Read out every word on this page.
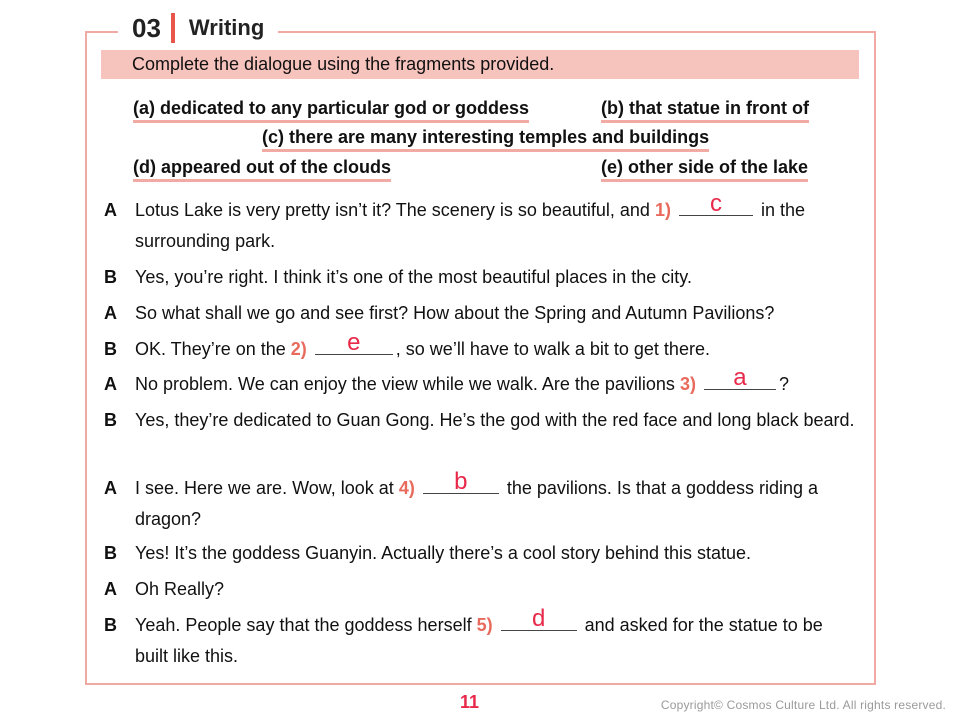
03 Writing
Complete the dialogue using the fragments provided.
(a) dedicated to any particular god or goddess	(b) that statue in front of
(c) there are many interesting temples and buildings
(d) appeared out of the clouds	(e) other side of the lake
A Lotus Lake is very pretty isn’t it? The scenery is so beautiful, and 1)	c	in the surrounding park.
B Yes, you’re right. I think it’s one of the most beautiful places in the city.
A So what shall we go and see first? How about the Spring and Autumn Pavilions?
B OK. They’re on the 2)	e	, so we’ll have to walk a bit to get there.
A No problem. We can enjoy the view while we walk. Are the pavilions 3)	a	?
B Yes, they’re dedicated to Guan Gong. He’s the god with the red face and long black beard.
A I see. Here we are. Wow, look at 4)	b	the pavilions. Is that a goddess riding a dragon?
B Yes! It’s the goddess Guanyin. Actually there’s a cool story behind this statue.
A Oh Really?
B Yeah. People say that the goddess herself 5)	d	and asked for the statue to be built like this.
11	Copyright© Cosmos Culture Ltd. All rights reserved.
